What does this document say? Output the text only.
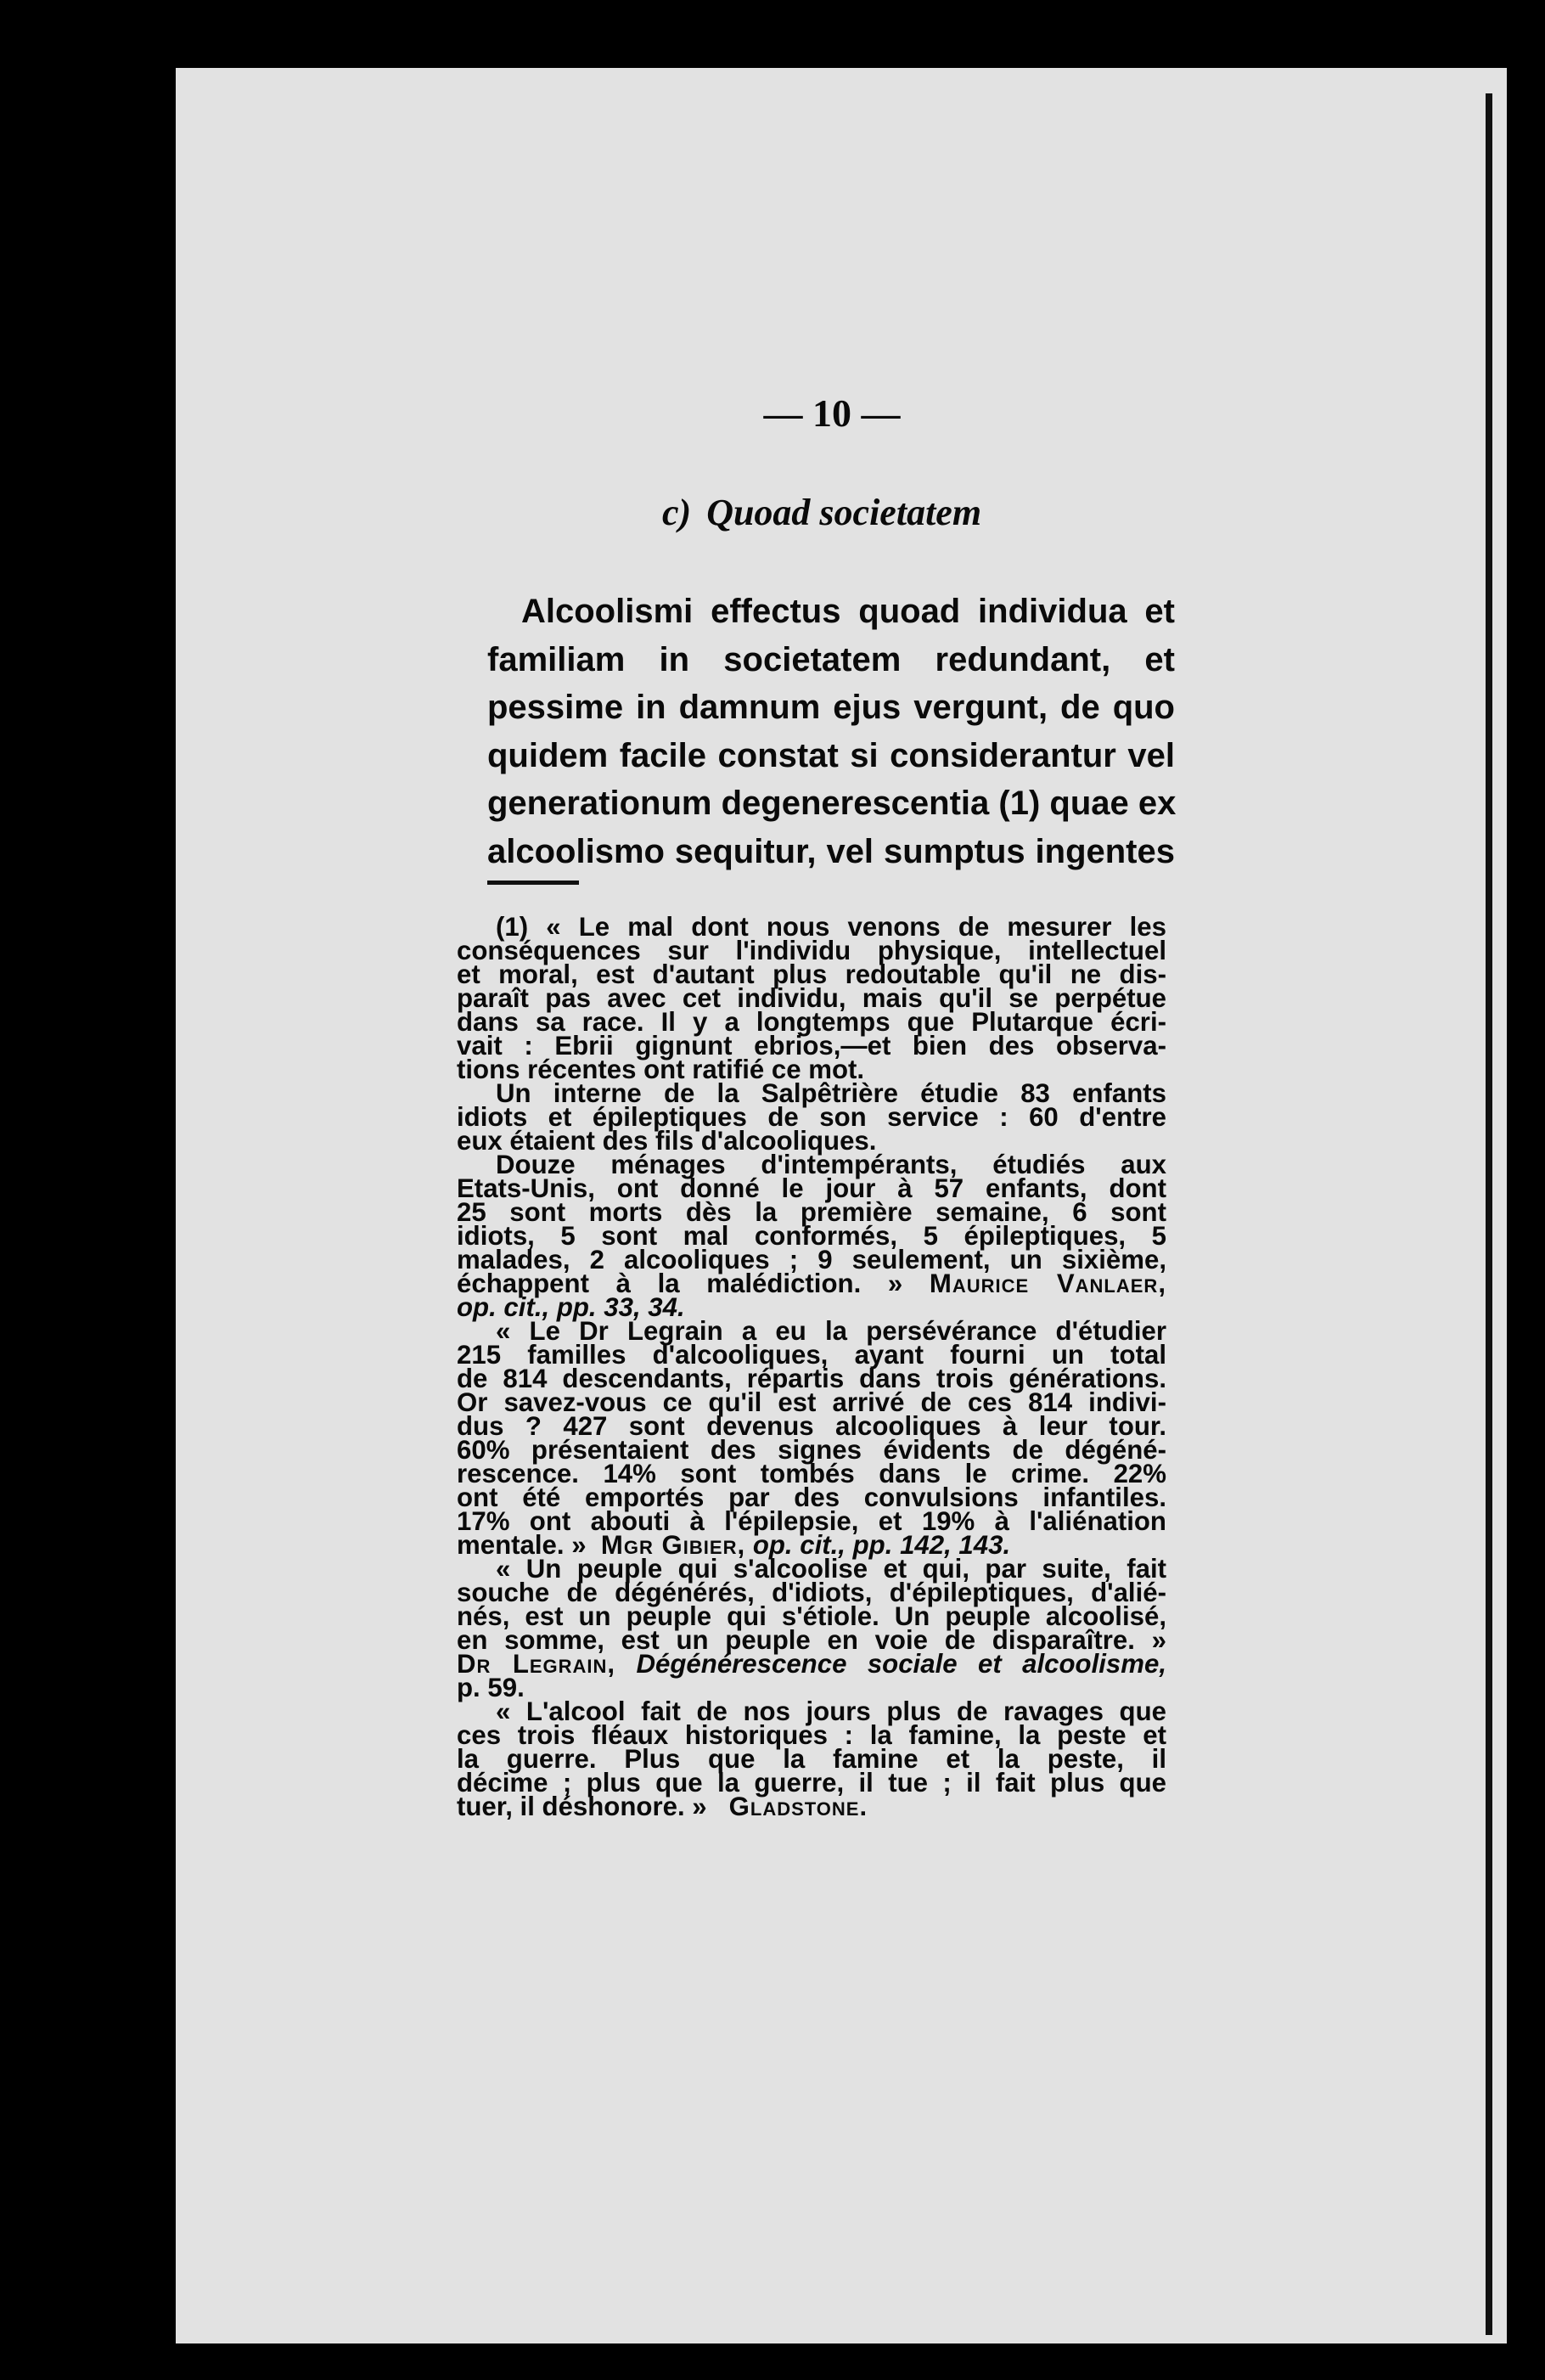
— 10 —
c) Quoad societatem
Alcoolismi effectus quoad individua et
familiam in societatem redundant, et
pessime in damnum ejus vergunt, de quo
quidem facile constat si considerantur vel
generationum degenerescentia (1) quae ex
alcoolismo sequitur, vel sumptus ingentes
(1) « Le mal dont nous venons de mesurer les
conséquences sur l'individu physique, intellectuel
et moral, est d'autant plus redoutable qu'il ne dis-
paraît pas avec cet individu, mais qu'il se perpétue
dans sa race. Il y a longtemps que Plutarque écri-
vait : Ebrii gignunt ebrios,—et bien des observa-
tions récentes ont ratifié ce mot.
Un interne de la Salpêtrière étudie 83 enfants
idiots et épileptiques de son service : 60 d'entre
eux étaient des fils d'alcooliques.
Douze ménages d'intempérants, étudiés aux
Etats-Unis, ont donné le jour à 57 enfants, dont
25 sont morts dès la première semaine, 6 sont
idiots, 5 sont mal conformés, 5 épileptiques, 5
malades, 2 alcooliques ; 9 seulement, un sixième,
échappent à la malédiction. » Maurice Vanlaer,
op. cit., pp. 33, 34.
« Le Dr Legrain a eu la persévérance d'étudier
215 familles d'alcooliques, ayant fourni un total
de 814 descendants, répartis dans trois générations.
Or savez-vous ce qu'il est arrivé de ces 814 indivi-
dus ? 427 sont devenus alcooliques à leur tour.
60% présentaient des signes évidents de dégéné-
rescence. 14% sont tombés dans le crime. 22%
ont été emportés par des convulsions infantiles.
17% ont abouti à l'épilepsie, et 19% à l'aliénation
mentale. » Mgr Gibier, op. cit., pp. 142, 143.
« Un peuple qui s'alcoolise et qui, par suite, fait
souche de dégénérés, d'idiots, d'épileptiques, d'alié-
nés, est un peuple qui s'étiole. Un peuple alcoolisé,
en somme, est un peuple en voie de disparaître. »
Dr Legrain, Dégénérescence sociale et alcoolisme,
p. 59.
« L'alcool fait de nos jours plus de ravages que
ces trois fléaux historiques : la famine, la peste et
la guerre. Plus que la famine et la peste, il
décime ; plus que la guerre, il tue ; il fait plus que
tuer, il déshonore. » Gladstone.
